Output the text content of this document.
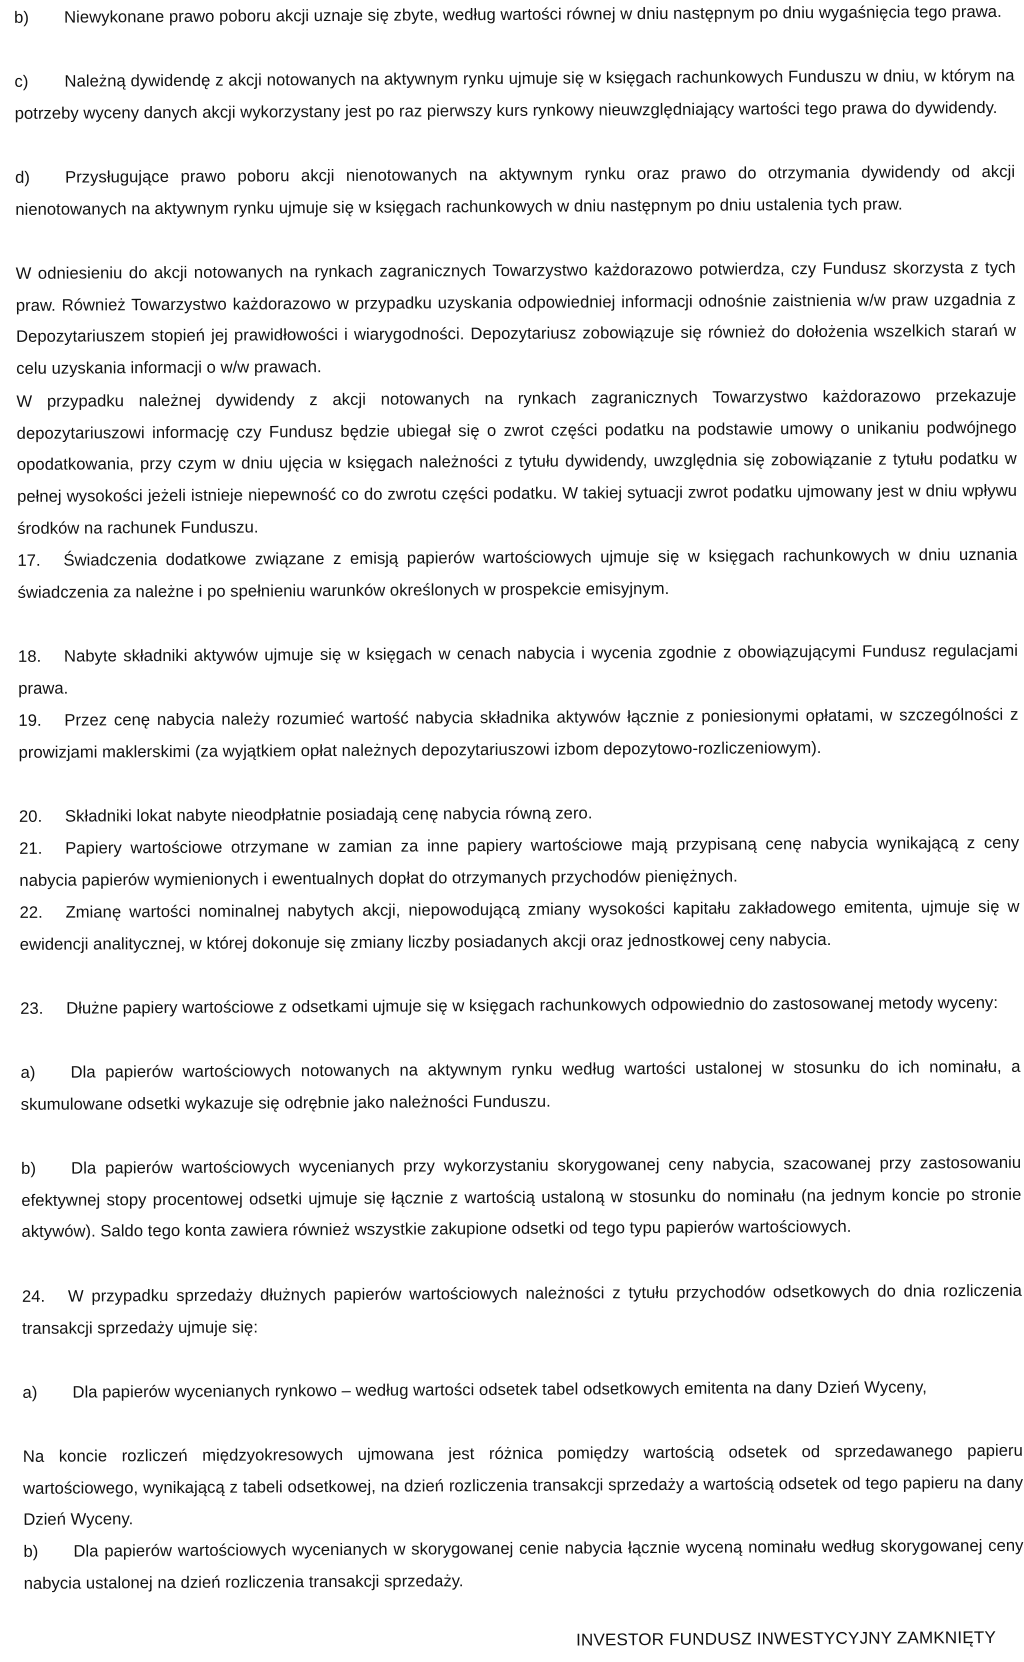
b) Niewykonane prawo poboru akcji uznaje się zbyte, według wartości równej w dniu następnym po dniu wygaśnięcia tego prawa.

c) Należną dywidendę z akcji notowanych na aktywnym rynku ujmuje się w księgach rachunkowych Funduszu w dniu, w którym na potrzeby wyceny danych akcji wykorzystany jest po raz pierwszy kurs rynkowy nieuwzględniający wartości tego prawa do dywidendy.

d) Przysługujące prawo poboru akcji nienotowanych na aktywnym rynku oraz prawo do otrzymania dywidendy od akcji nienotowanych na aktywnym rynku ujmuje się w księgach rachunkowych w dniu następnym po dniu ustalenia tych praw.

W odniesieniu do akcji notowanych na rynkach zagranicznych Towarzystwo każdorazowo potwierdza, czy Fundusz skorzysta z tych praw. Również Towarzystwo każdorazowo w przypadku uzyskania odpowiedniej informacji odnośnie zaistnienia w/w praw uzgadnia z Depozytariuszem stopień jej prawidłowości i wiarygodności. Depozytariusz zobowiązuje się również do dołożenia wszelkich starań w celu uzyskania informacji o w/w prawach.

W przypadku należnej dywidendy z akcji notowanych na rynkach zagranicznych Towarzystwo każdorazowo przekazuje depozytariuszowi informację czy Fundusz będzie ubiegał się o zwrot części podatku na podstawie umowy o unikaniu podwójnego opodatkowania, przy czym w dniu ujęcia w księgach należności z tytułu dywidendy, uwzględnia się zobowiązanie z tytułu podatku w pełnej wysokości jeżeli istnieje niepewność co do zwrotu części podatku. W takiej sytuacji zwrot podatku ujmowany jest w dniu wpływu środków na rachunek Funduszu.

17. Świadczenia dodatkowe związane z emisją papierów wartościowych ujmuje się w księgach rachunkowych w dniu uznania świadczenia za należne i po spełnieniu warunków określonych w prospekcie emisyjnym.

18. Nabyte składniki aktywów ujmuje się w księgach w cenach nabycia i wycenia zgodnie z obowiązującymi Fundusz regulacjami prawa.

19. Przez cenę nabycia należy rozumieć wartość nabycia składnika aktywów łącznie z poniesionymi opłatami, w szczególności z prowizjami maklerskimi (za wyjątkiem opłat należnych depozytariuszowi izbom depozytowo-rozliczeniowym).

20. Składniki lokat nabyte nieodpłatnie posiadają cenę nabycia równą zero.

21. Papiery wartościowe otrzymane w zamian za inne papiery wartościowe mają przypisaną cenę nabycia wynikającą z ceny nabycia papierów wymienionych i ewentualnych dopłat do otrzymanych przychodów pieniężnych.

22. Zmianę wartości nominalnej nabytych akcji, niepowodującą zmiany wysokości kapitału zakładowego emitenta, ujmuje się w ewidencji analitycznej, w której dokonuje się zmiany liczby posiadanych akcji oraz jednostkowej ceny nabycia.

23. Dłużne papiery wartościowe z odsetkami ujmuje się w księgach rachunkowych odpowiednio do zastosowanej metody wyceny:

a) Dla papierów wartościowych notowanych na aktywnym rynku według wartości ustalonej w stosunku do ich nominału, a skumulowane odsetki wykazuje się odrębnie jako należności Funduszu.

b) Dla papierów wartościowych wycenianych przy wykorzystaniu skorygowanej ceny nabycia, szacowanej przy zastosowaniu efektywnej stopy procentowej odsetki ujmuje się łącznie z wartością ustaloną w stosunku do nominału (na jednym koncie po stronie aktywów). Saldo tego konta zawiera również wszystkie zakupione odsetki od tego typu papierów wartościowych.

24. W przypadku sprzedaży dłużnych papierów wartościowych należności z tytułu przychodów odsetkowych do dnia rozliczenia transakcji sprzedaży ujmuje się:

a) Dla papierów wycenianych rynkowo – według wartości odsetek tabel odsetkowych emitenta na dany Dzień Wyceny,

Na koncie rozliczeń międzyokresowych ujmowana jest różnica pomiędzy wartością odsetek od sprzedawanego papieru wartościowego, wynikającą z tabeli odsetkowej, na dzień rozliczenia transakcji sprzedaży a wartością odsetek od tego papieru na dany Dzień Wyceny.

b) Dla papierów wartościowych wycenianych w skorygowanej cenie nabycia łącznie wyceną nominału według skorygowanej ceny nabycia ustalonej na dzień rozliczenia transakcji sprzedaży.

INVESTOR FUNDUSZ INWESTYCYJNY ZAMKNIĘTY
